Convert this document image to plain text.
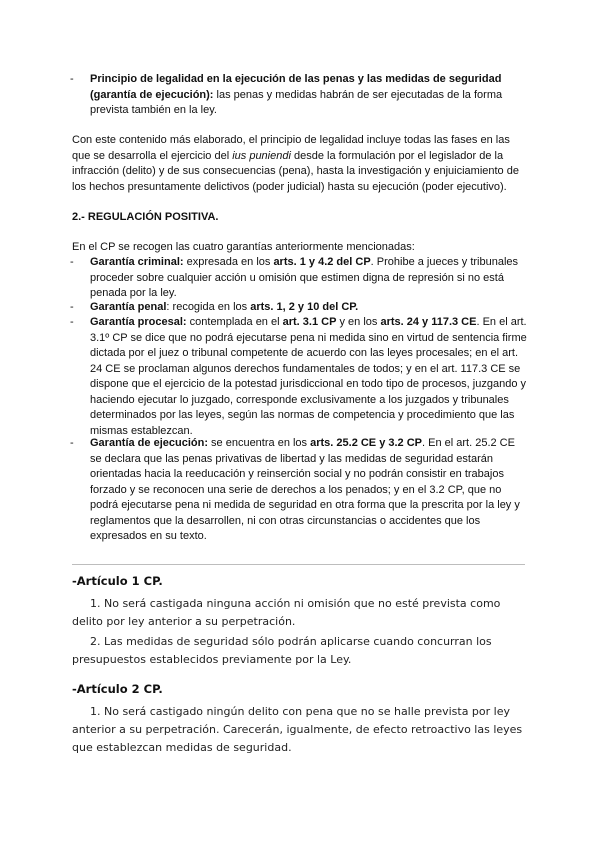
- Principio de legalidad en la ejecución de las penas y las medidas de seguridad (garantía de ejecución): las penas y medidas habrán de ser ejecutadas de la forma prevista también en la ley.
Con este contenido más elaborado, el principio de legalidad incluye todas las fases en las que se desarrolla el ejercicio del ius puniendi desde la formulación por el legislador de la infracción (delito) y de sus consecuencias (pena), hasta la investigación y enjuiciamiento de los hechos presuntamente delictivos (poder judicial) hasta su ejecución (poder ejecutivo).
2.- REGULACIÓN POSITIVA.
En el CP se recogen las cuatro garantías anteriormente mencionadas:
- Garantía criminal: expresada en los arts. 1 y 4.2 del CP. Prohibe a jueces y tribunales proceder sobre cualquier acción u omisión que estimen digna de represión si no está penada por la ley.
- Garantía penal: recogida en los arts. 1, 2 y 10 del CP.
- Garantía procesal: contemplada en el art. 3.1 CP y en los arts. 24 y 117.3 CE. En el art. 3.1º CP se dice que no podrá ejecutarse pena ni medida sino en virtud de sentencia firme dictada por el juez o tribunal competente de acuerdo con las leyes procesales; en el art. 24 CE se proclaman algunos derechos fundamentales de todos; y en el art. 117.3 CE se dispone que el ejercicio de la potestad jurisdiccional en todo tipo de procesos, juzgando y haciendo ejecutar lo juzgado, corresponde exclusivamente a los juzgados y tribunales determinados por las leyes, según las normas de competencia y procedimiento que las mismas establezcan.
- Garantía de ejecución: se encuentra en los arts. 25.2 CE y 3.2 CP. En el art. 25.2 CE se declara que las penas privativas de libertad y las medidas de seguridad estarán orientadas hacia la reeducación y reinserción social y no podrán consistir en trabajos forzado y se reconocen una serie de derechos a los penados; y en el 3.2 CP, que no podrá ejecutarse pena ni medida de seguridad en otra forma que la prescrita por la ley y reglamentos que la desarrollen, ni con otras circunstancias o accidentes que los expresados en su texto.
-Artículo 1 CP.
1. No será castigada ninguna acción ni omisión que no esté prevista como delito por ley anterior a su perpetración.
2. Las medidas de seguridad sólo podrán aplicarse cuando concurran los presupuestos establecidos previamente por la Ley.
-Artículo 2 CP.
1. No será castigado ningún delito con pena que no se halle prevista por ley anterior a su perpetración. Carecerán, igualmente, de efecto retroactivo las leyes que establezcan medidas de seguridad.
